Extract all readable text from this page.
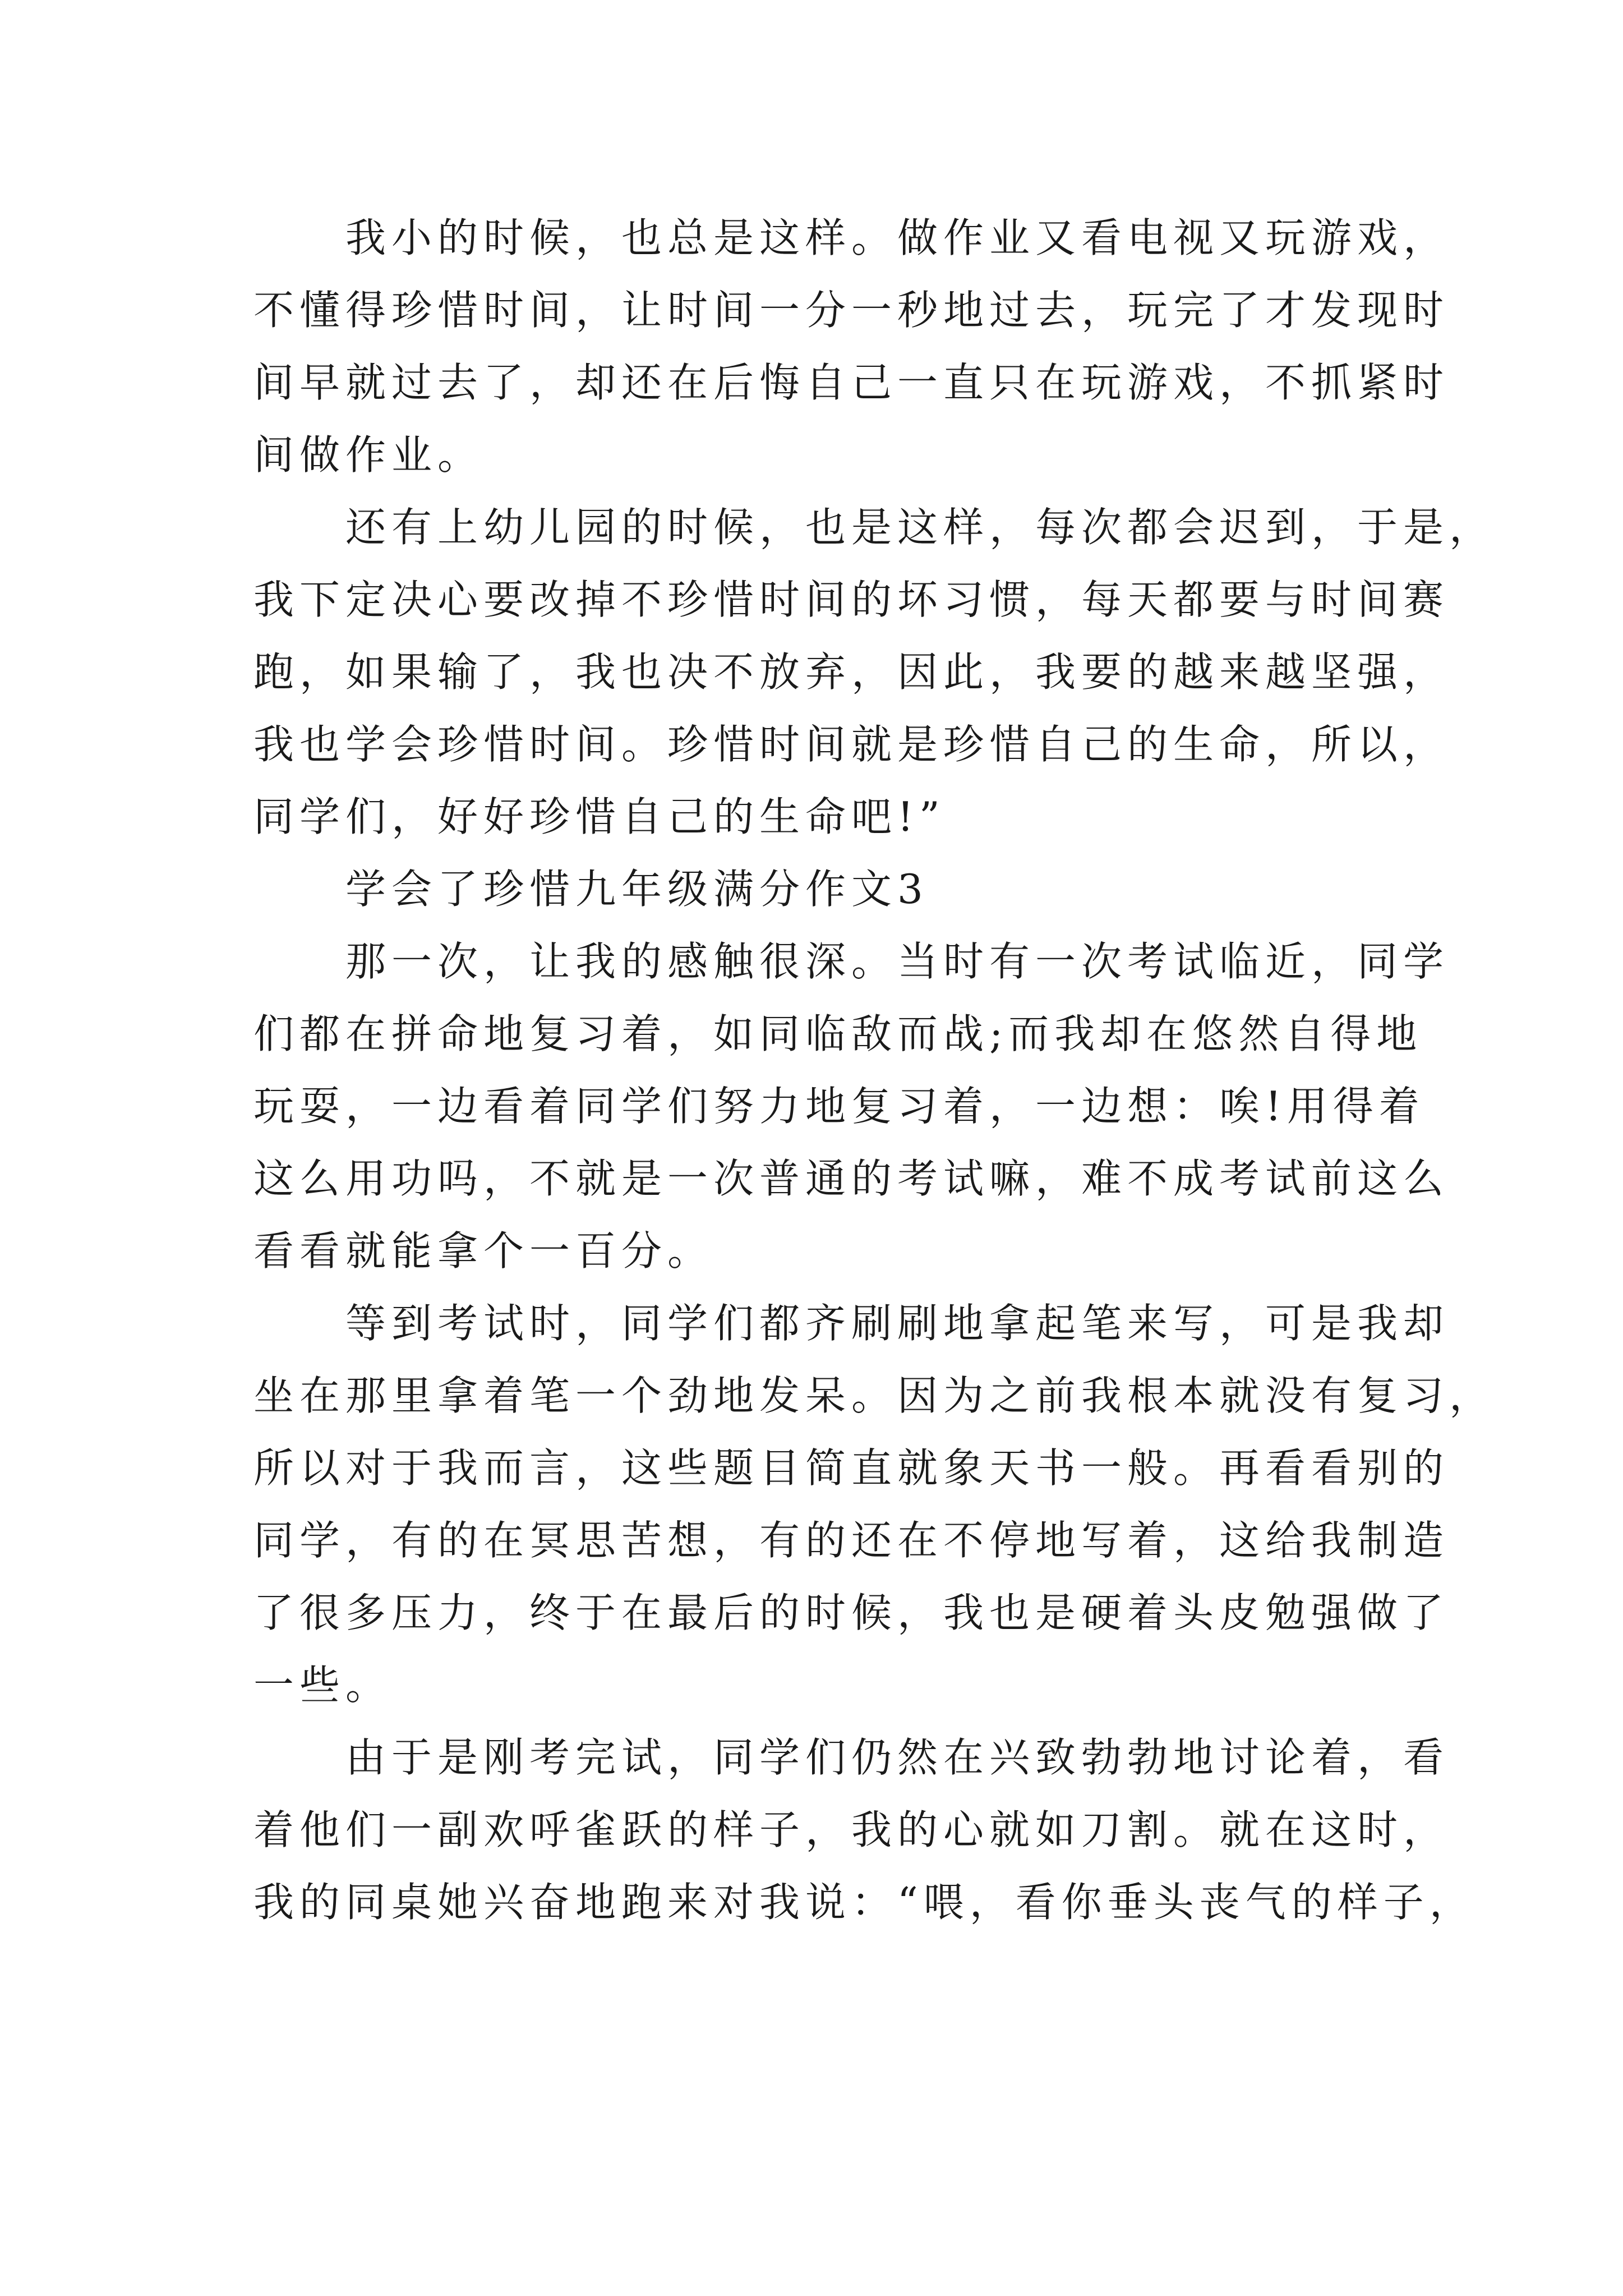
我小的时候，也总是这样。做作业又看电视又玩游戏，
不懂得珍惜时间，让时间一分一秒地过去，玩完了才发现时
间早就过去了，却还在后悔自己一直只在玩游戏，不抓紧时
间做作业。
还有上幼儿园的时候，也是这样，每次都会迟到，于是，
我下定决心要改掉不珍惜时间的坏习惯，每天都要与时间赛
跑，如果输了，我也决不放弃，因此，我要的越来越坚强，
我也学会珍惜时间。珍惜时间就是珍惜自己的生命，所以，
同学们，好好珍惜自己的生命吧!”
学会了珍惜九年级满分作文3
那一次，让我的感触很深。当时有一次考试临近，同学
们都在拼命地复习着，如同临敌而战;而我却在悠然自得地
玩耍，一边看着同学们努力地复习着，一边想：唉!用得着
这么用功吗，不就是一次普通的考试嘛，难不成考试前这么
看看就能拿个一百分。
等到考试时，同学们都齐刷刷地拿起笔来写，可是我却
坐在那里拿着笔一个劲地发呆。因为之前我根本就没有复习，
所以对于我而言，这些题目简直就象天书一般。再看看别的
同学，有的在冥思苦想，有的还在不停地写着，这给我制造
了很多压力，终于在最后的时候，我也是硬着头皮勉强做了
一些。
由于是刚考完试，同学们仍然在兴致勃勃地讨论着，看
着他们一副欢呼雀跃的样子，我的心就如刀割。就在这时，
我的同桌她兴奋地跑来对我说：“喂，看你垂头丧气的样子，
